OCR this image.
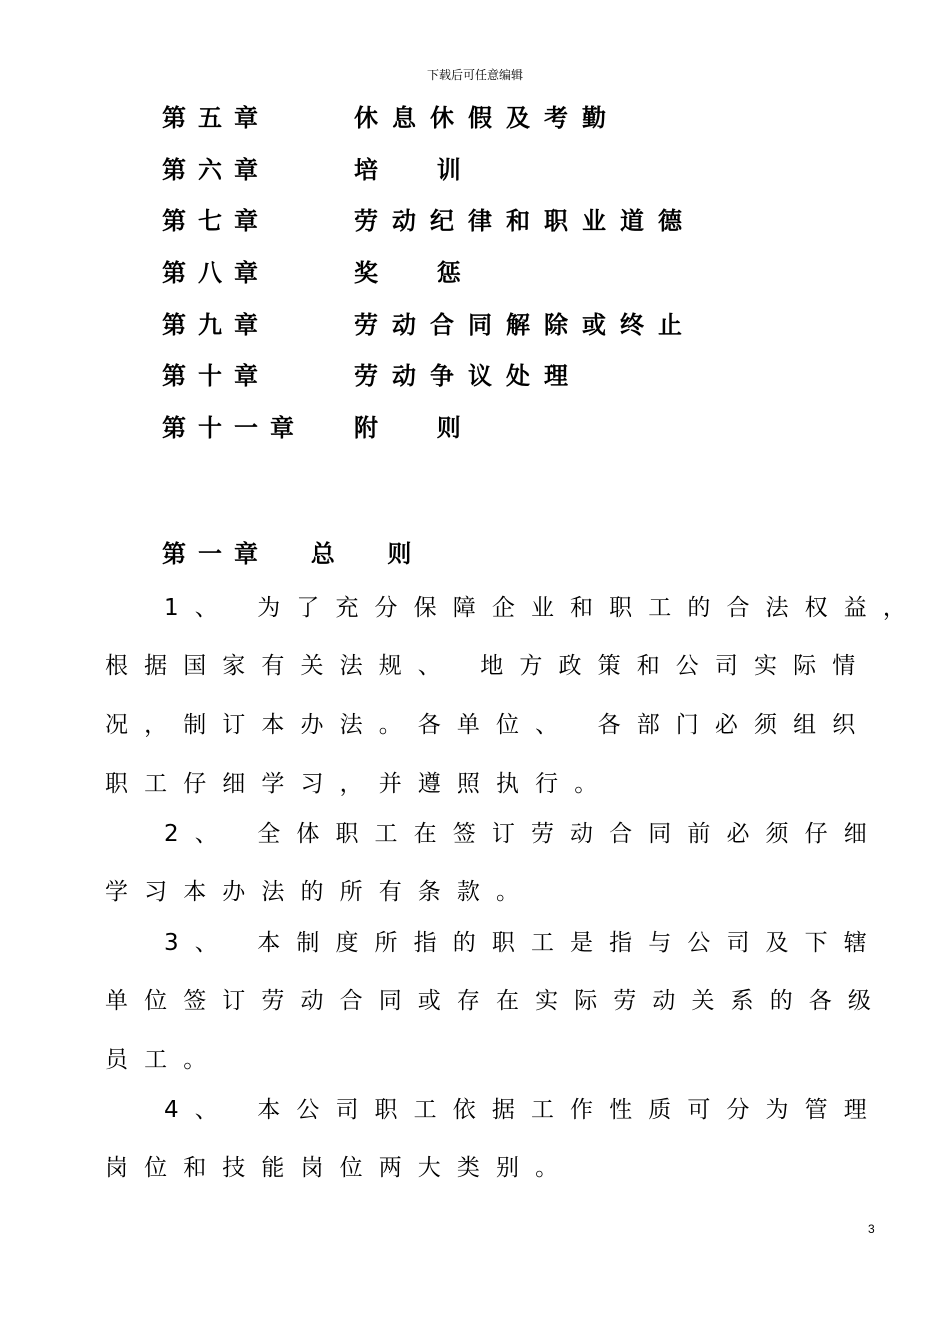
下载后可任意编辑
第五章	休息休假及考勤
第六章	培  训
第七章	劳动纪律和职业道德
第八章	奖  惩
第九章	劳动合同解除或终止
第十章	劳动争议处理
第十一章	附  则
第一章  总  则
1、 为了充分保障企业和职工的合法权益，
根据国家有关法规、 地方政策和公司实际情
况，制订本办法。各单位、 各部门必须组织
职工仔细学习，并遵照执行。
2、 全体职工在签订劳动合同前必须仔细
学习本办法的所有条款。
3、 本制度所指的职工是指与公司及下辖
单位签订劳动合同或存在实际劳动关系的各级
员工。
4、 本公司职工依据工作性质可分为管理
岗位和技能岗位两大类别。
3
